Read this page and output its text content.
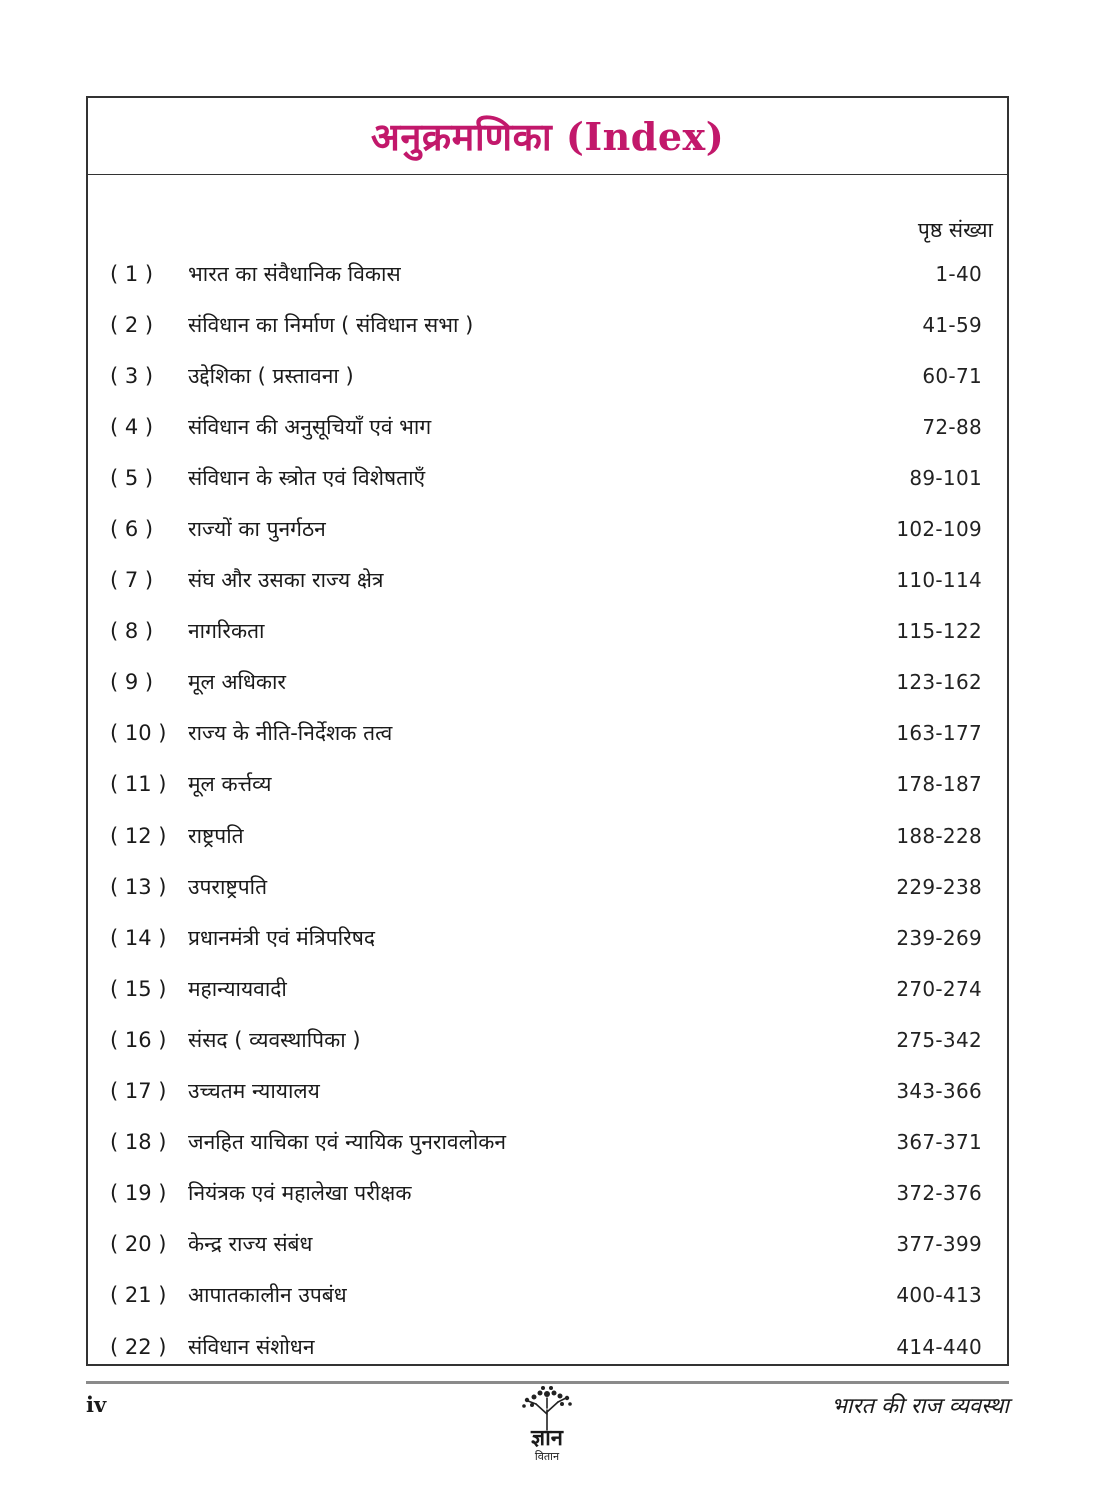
अनुक्रमणिका (Index)
पृष्ठ संख्या
( 1 )	भारत का संवैधानिक विकास	1-40
( 2 )	संविधान का निर्माण ( संविधान सभा )	41-59
( 3 )	उद्देशिका ( प्रस्तावना )	60-71
( 4 )	संविधान की अनुसूचियाँ एवं भाग	72-88
( 5 )	संविधान के स्त्रोत एवं विशेषताएँ	89-101
( 6 )	राज्यों का पुनर्गठन	102-109
( 7 )	संघ और उसका राज्य क्षेत्र	110-114
( 8 )	नागरिकता	115-122
( 9 )	मूल अधिकार	123-162
( 10 )	राज्य के नीति-निर्देशक तत्व	163-177
( 11 )	मूल कर्त्तव्य	178-187
( 12 )	राष्ट्रपति	188-228
( 13 )	उपराष्ट्रपति	229-238
( 14 )	प्रधानमंत्री एवं मंत्रिपरिषद	239-269
( 15 )	महान्यायवादी	270-274
( 16 )	संसद ( व्यवस्थापिका )	275-342
( 17 )	उच्चतम न्यायालय	343-366
( 18 )	जनहित याचिका एवं न्यायिक पुनरावलोकन	367-371
( 19 )	नियंत्रक एवं महालेखा परीक्षक	372-376
( 20 )	केन्द्र राज्य संबंध	377-399
( 21 )	आपातकालीन उपबंध	400-413
( 22 )	संविधान संशोधन	414-440
iv
ज्ञान
वितान
भारत की राज व्यवस्था
